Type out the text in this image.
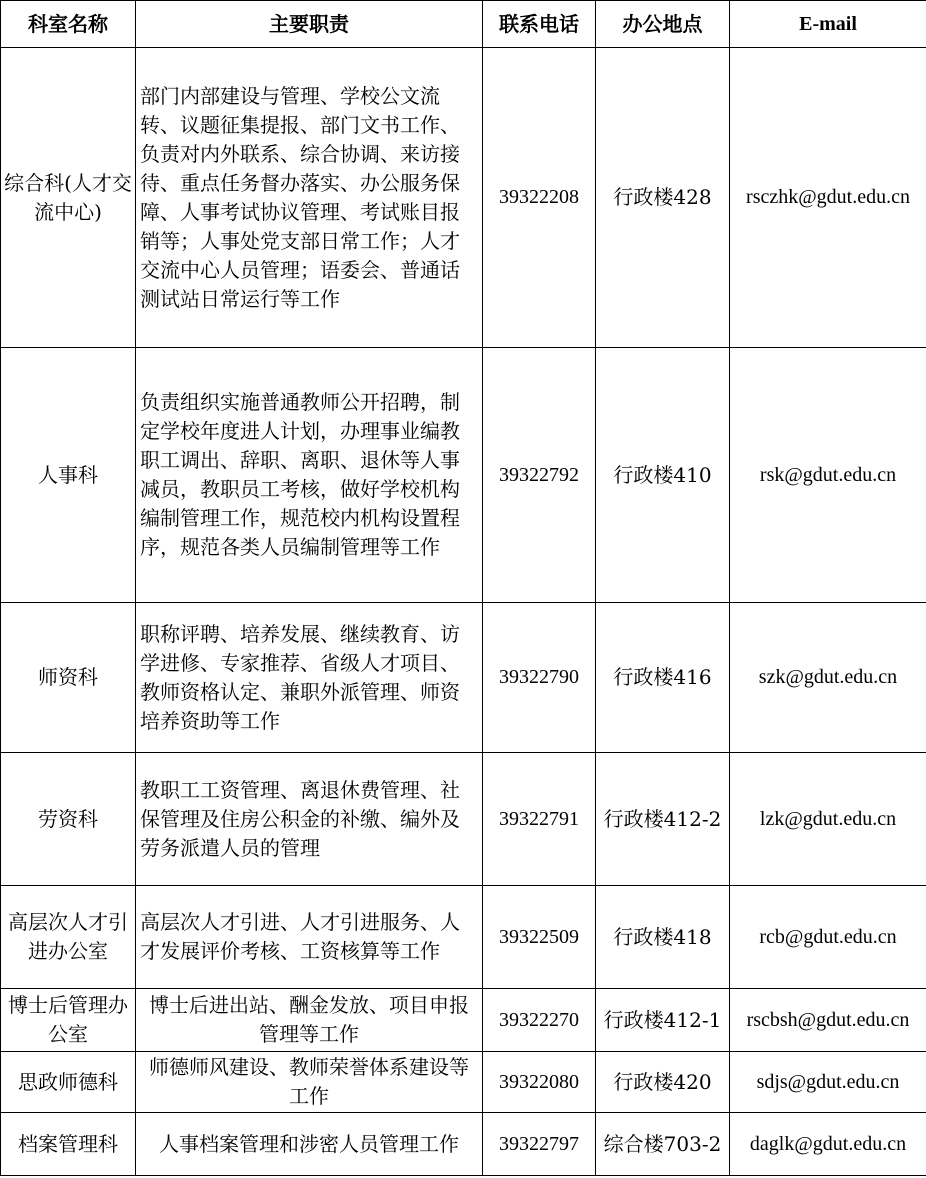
科室名称	主要职责	联系电话	办公地点	E-mail
综合科(人才交流中心)	部门内部建设与管理、学校公文流转、议题征集提报、部门文书工作、负责对内外联系、综合协调、来访接待、重点任务督办落实、办公服务保障、人事考试协议管理、考试账目报销等；人事处党支部日常工作；人才交流中心人员管理；语委会、普通话测试站日常运行等工作	39322208	行政楼428	rsczhk@gdut.edu.cn
人事科	负责组织实施普通教师公开招聘，制定学校年度进人计划，办理事业编教职工调出、辞职、离职、退休等人事减员，教职员工考核，做好学校机构编制管理工作，规范校内机构设置程序，规范各类人员编制管理等工作	39322792	行政楼410	rsk@gdut.edu.cn
师资科	职称评聘、培养发展、继续教育、访学进修、专家推荐、省级人才项目、教师资格认定、兼职外派管理、师资培养资助等工作	39322790	行政楼416	szk@gdut.edu.cn
劳资科	教职工工资管理、离退休费管理、社保管理及住房公积金的补缴、编外及劳务派遣人员的管理	39322791	行政楼412-2	lzk@gdut.edu.cn
高层次人才引进办公室	高层次人才引进、人才引进服务、人才发展评价考核、工资核算等工作	39322509	行政楼418	rcb@gdut.edu.cn
博士后管理办公室	博士后进出站、酬金发放、项目申报管理等工作	39322270	行政楼412-1	rscbsh@gdut.edu.cn
思政师德科	师德师风建设、教师荣誉体系建设等工作	39322080	行政楼420	sdjs@gdut.edu.cn
档案管理科	人事档案管理和涉密人员管理工作	39322797	综合楼703-2	daglk@gdut.edu.cn
